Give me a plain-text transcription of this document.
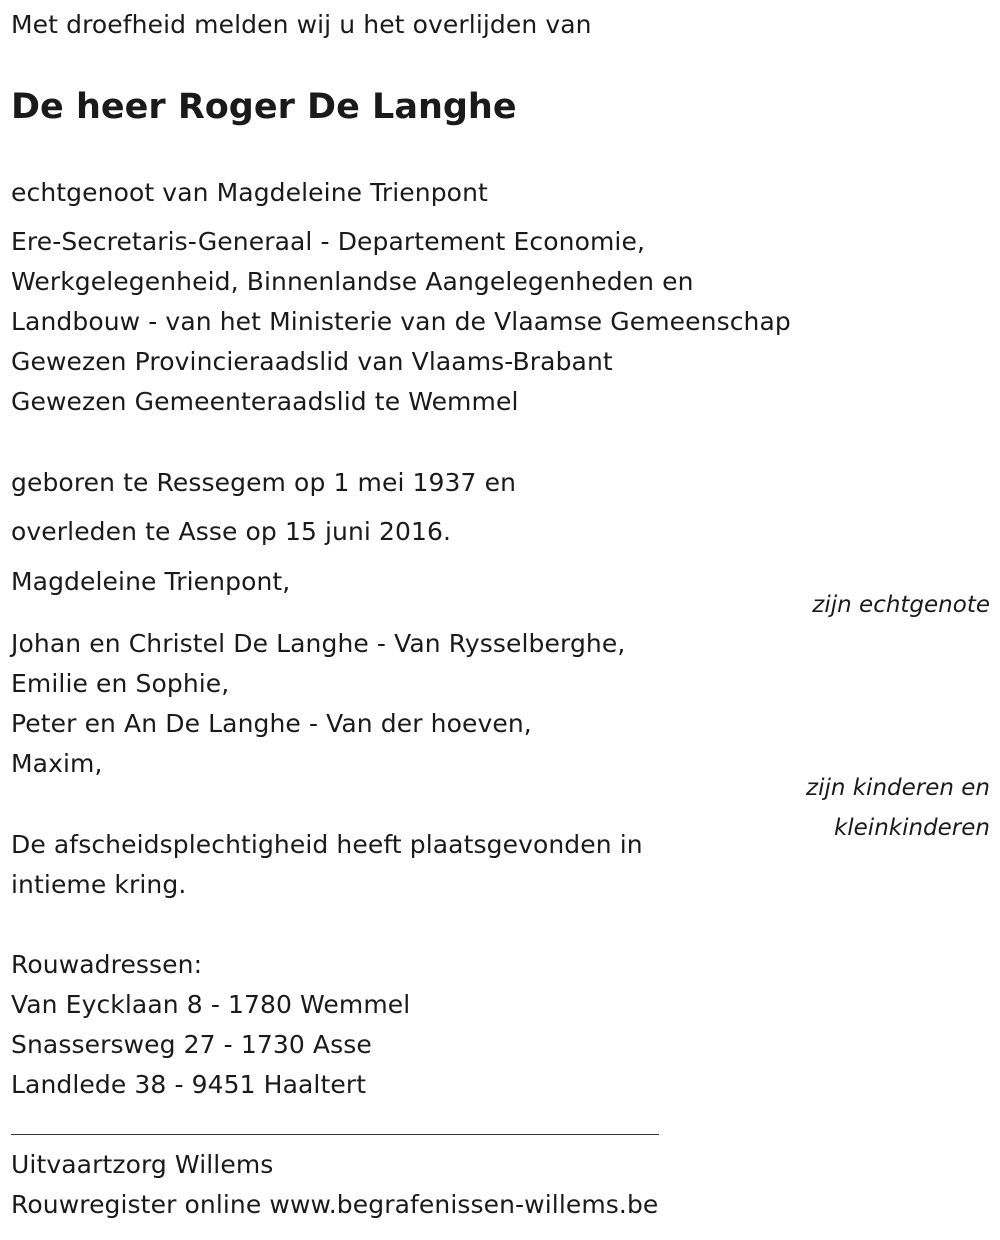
Met droefheid melden wij u het overlijden van

De heer Roger De Langhe

echtgenoot van Magdeleine Trienpont

Ere-Secretaris-Generaal - Departement Economie,

Werkgelegenheid, Binnenlandse Aangelegenheden en

Landbouw - van het Ministerie van de Vlaamse Gemeenschap

Gewezen Provincieraadslid van Vlaams-Brabant

Gewezen Gemeenteraadslid te Wemmel

geboren te Ressegem op 1 mei 1937 en

overleden te Asse op 15 juni 2016.

Magdeleine Trienpont,

zijn echtgenote

Johan en Christel De Langhe - Van Rysselberghe,

Emilie en Sophie,

Peter en An De Langhe - Van der hoeven,

Maxim,

zijn kinderen en

kleinkinderen

De afscheidsplechtigheid heeft plaatsgevonden in

intieme kring.

Rouwadressen:

Van Eycklaan 8 - 1780 Wemmel

Snassersweg 27 - 1730 Asse

Landlede 38 - 9451 Haaltert

Uitvaartzorg Willems

Rouwregister online www.begrafenissen-willems.be
